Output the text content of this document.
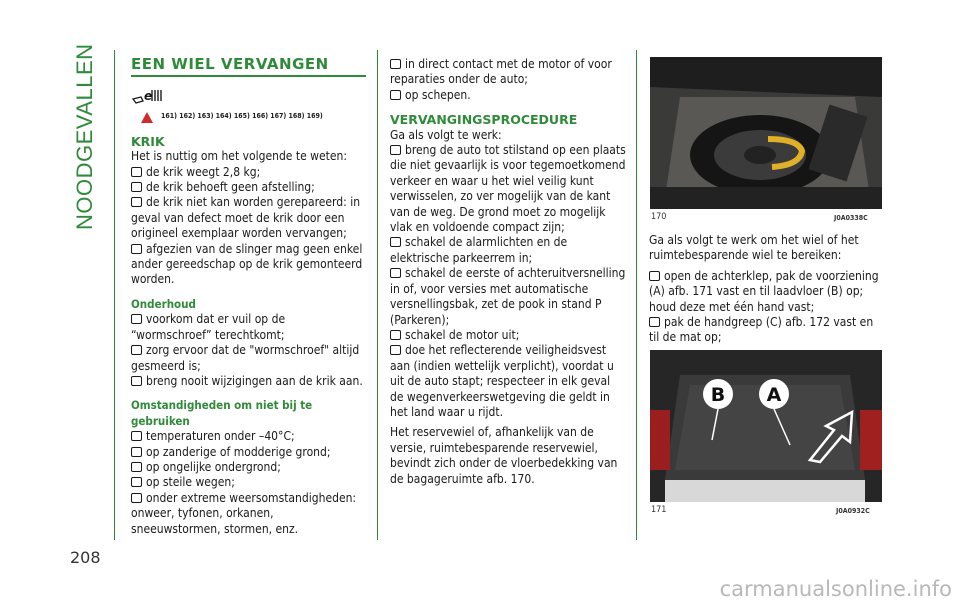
NOODGEVALLEN
208
EEN WIEL VERVANGEN
e
161) 162) 163) 164) 165) 166) 167) 168) 169)
KRIK

Het is nuttig om het volgende te weten:

de krik weegt 2,8 kg;

de krik behoeft geen afstelling;

de krik niet kan worden gerepareerd: in geval van defect moet de krik door een origineel exemplaar worden vervangen;

afgezien van de slinger mag geen enkel ander gereedschap op de krik gemonteerd worden.

Onderhoud

voorkom dat er vuil op de “wormschroef” terechtkomt;

zorg ervoor dat de "wormschroef" altijd gesmeerd is;

breng nooit wijzigingen aan de krik aan.

Omstandigheden om niet bij te gebruiken

temperaturen onder –40°C;

op zanderige of modderige grond;

op ongelijke ondergrond;

op steile wegen;

onder extreme weersomstandigheden: onweer, tyfonen, orkanen, sneeuwstormen, stormen, enz.

in direct contact met de motor of voor reparaties onder de auto;

op schepen.

VERVANGINGSPROCEDURE

Ga als volgt te werk:

breng de auto tot stilstand op een plaats die niet gevaarlijk is voor tegemoetkomend verkeer en waar u het wiel veilig kunt verwisselen, zo ver mogelijk van de kant van de weg. De grond moet zo mogelijk vlak en voldoende compact zijn;

schakel de alarmlichten en de elektrische parkeerrem in;

schakel de eerste of achteruitversnelling in of, voor versies met automatische versnellingsbak, zet de pook in stand P (Parkeren);

schakel de motor uit;

doe het reflecterende veiligheidsvest aan (indien wettelijk verplicht), voordat u uit de auto stapt; respecteer in elk geval de wegenverkeerswetgeving die geldt in het land waar u rijdt.

Het reservewiel of, afhankelijk van de versie, ruimtebesparende reservewiel, bevindt zich onder de vloerbedekking van de bagageruimte afb. 170.

170	J0A0338C

Ga als volgt te werk om het wiel of het ruimtebesparende wiel te bereiken:

open de achterklep, pak de voorziening (A) afb. 171 vast en til laadvloer (B) op; houd deze met één hand vast;

pak de handgreep (C) afb. 172 vast en til de mat op;

B A
171	J0A0932C
carmanualsonline.info
